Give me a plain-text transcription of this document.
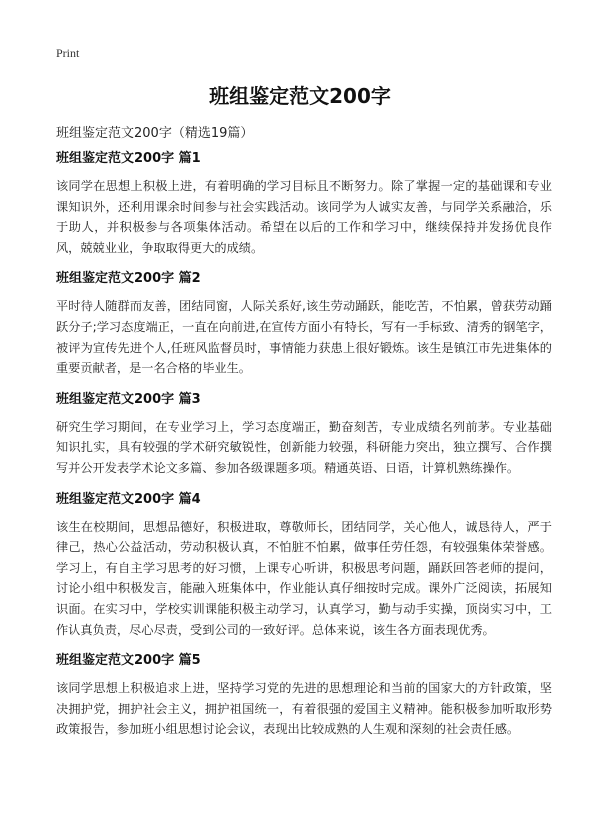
Print
班组鉴定范文200字
班组鉴定范文200字（精选19篇）
班组鉴定范文200字 篇1

该同学在思想上积极上进，有着明确的学习目标且不断努力。除了掌握一定的基础课和专业课知识外，还利用课余时间参与社会实践活动。该同学为人诚实友善，与同学关系融洽，乐于助人，并积极参与各项集体活动。希望在以后的工作和学习中，继续保持并发扬优良作风，兢兢业业，争取取得更大的成绩。

班组鉴定范文200字 篇2

平时待人随群而友善，团结同窗，人际关系好,该生劳动踊跃，能吃苦，不怕累，曾获劳动踊跃分子;学习态度端正，一直在向前进,在宣传方面小有特长，写有一手标致、清秀的钢笔字，被评为宣传先进个人,任班风监督员时，事情能力获患上很好锻炼。该生是镇江市先进集体的重要贡献者，是一名合格的毕业生。

班组鉴定范文200字 篇3

研究生学习期间，在专业学习上，学习态度端正，勤奋刻苦，专业成绩名列前茅。专业基础知识扎实，具有较强的学术研究敏锐性，创新能力较强，科研能力突出，独立撰写、合作撰写并公开发表学术论文多篇、参加各级课题多项。精通英语、日语，计算机熟练操作。

班组鉴定范文200字 篇4

该生在校期间，思想品德好，积极进取，尊敬师长，团结同学，关心他人，诚恳待人，严于律己，热心公益活动，劳动积极认真，不怕脏不怕累，做事任劳任怨，有较强集体荣誉感。学习上，有自主学习思考的好习惯，上课专心听讲，积极思考问题，踊跃回答老师的提问，讨论小组中积极发言，能融入班集体中，作业能认真仔细按时完成。课外广泛阅读，拓展知识面。在实习中，学校实训课能积极主动学习，认真学习，勤与动手实操，顶岗实习中，工作认真负责，尽心尽责，受到公司的一致好评。总体来说，该生各方面表现优秀。

班组鉴定范文200字 篇5

该同学思想上积极追求上进，坚持学习党的先进的思想理论和当前的国家大的方针政策，坚决拥护党，拥护社会主义，拥护祖国统一，有着很强的爱国主义精神。能积极参加听取形势政策报告，参加班小组思想讨论会议，表现出比较成熟的人生观和深刻的社会责任感。
